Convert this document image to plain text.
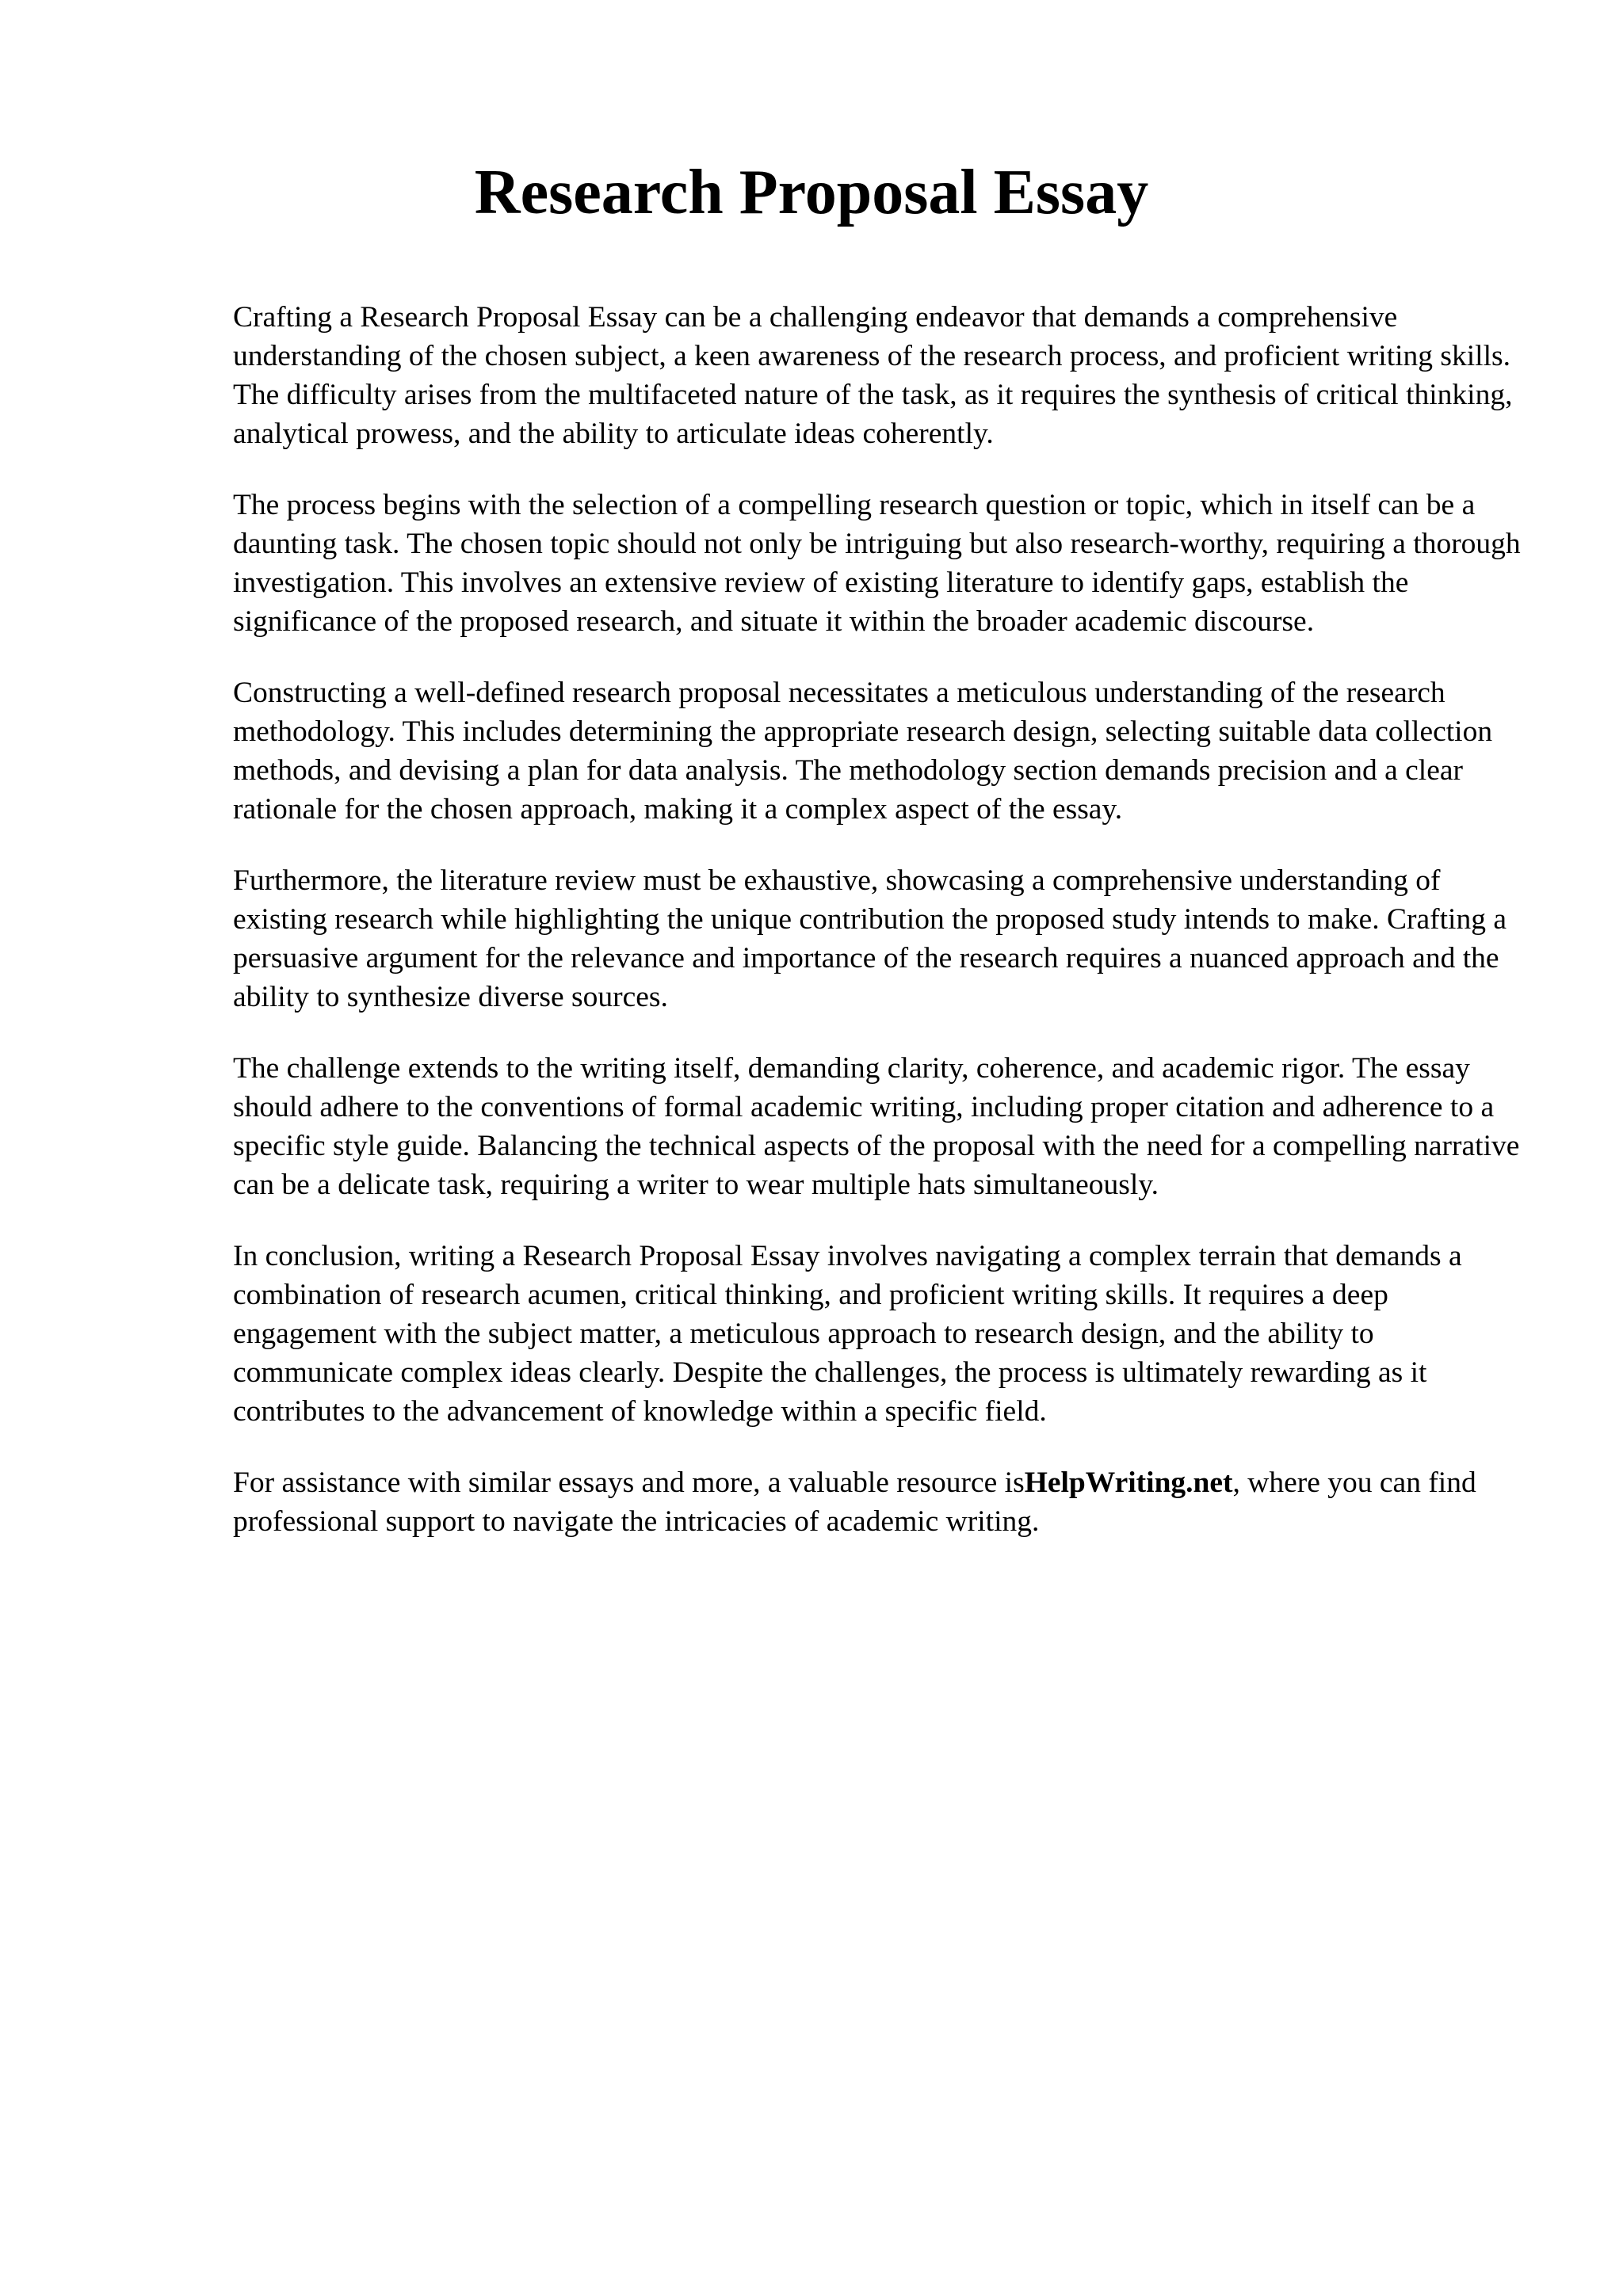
Research Proposal Essay

Crafting a Research Proposal Essay can be a challenging endeavor that demands a comprehensive understanding of the chosen subject, a keen awareness of the research process, and proficient writing skills. The difficulty arises from the multifaceted nature of the task, as it requires the synthesis of critical thinking, analytical prowess, and the ability to articulate ideas coherently.

The process begins with the selection of a compelling research question or topic, which in itself can be a daunting task. The chosen topic should not only be intriguing but also research-worthy, requiring a thorough investigation. This involves an extensive review of existing literature to identify gaps, establish the significance of the proposed research, and situate it within the broader academic discourse.

Constructing a well-defined research proposal necessitates a meticulous understanding of the research methodology. This includes determining the appropriate research design, selecting suitable data collection methods, and devising a plan for data analysis. The methodology section demands precision and a clear rationale for the chosen approach, making it a complex aspect of the essay.

Furthermore, the literature review must be exhaustive, showcasing a comprehensive understanding of existing research while highlighting the unique contribution the proposed study intends to make. Crafting a persuasive argument for the relevance and importance of the research requires a nuanced approach and the ability to synthesize diverse sources.

The challenge extends to the writing itself, demanding clarity, coherence, and academic rigor. The essay should adhere to the conventions of formal academic writing, including proper citation and adherence to a specific style guide. Balancing the technical aspects of the proposal with the need for a compelling narrative can be a delicate task, requiring a writer to wear multiple hats simultaneously.

In conclusion, writing a Research Proposal Essay involves navigating a complex terrain that demands a combination of research acumen, critical thinking, and proficient writing skills. It requires a deep engagement with the subject matter, a meticulous approach to research design, and the ability to communicate complex ideas clearly. Despite the challenges, the process is ultimately rewarding as it contributes to the advancement of knowledge within a specific field.

For assistance with similar essays and more, a valuable resource isHelpWriting.net, where you can find professional support to navigate the intricacies of academic writing.
